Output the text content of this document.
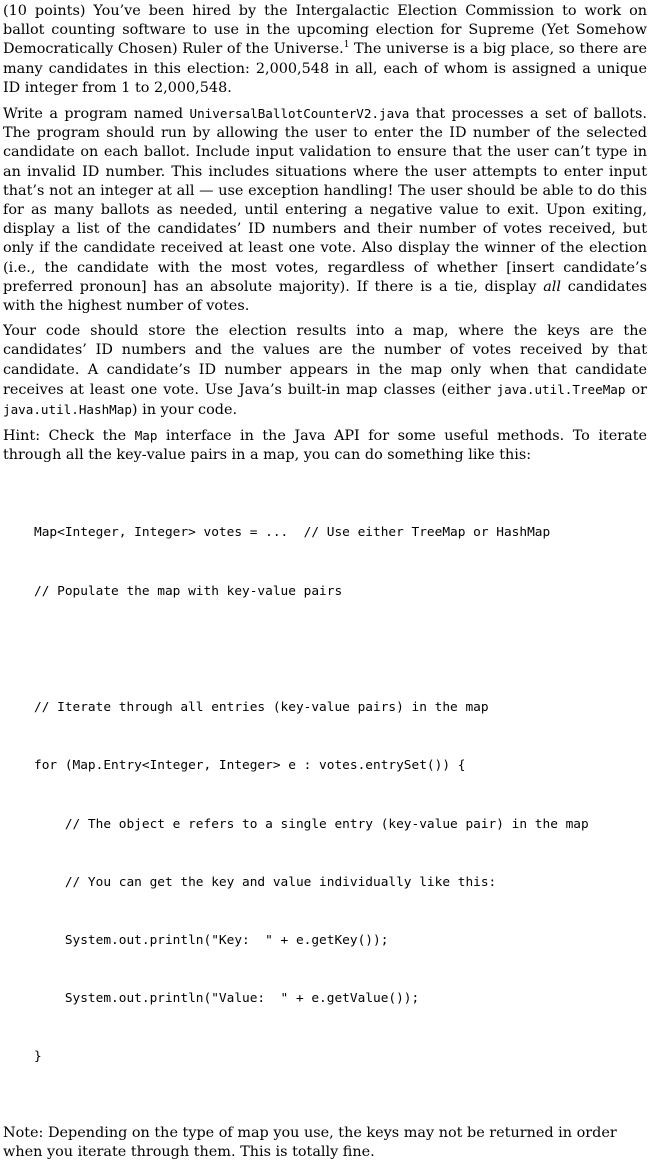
(10 points) You’ve been hired by the Intergalactic Election Commission to work on ballot counting software to use in the upcoming election for Supreme (Yet Somehow Democratically Chosen) Ruler of the Universe.$^1$ The universe is a big place, so there are many candidates in this election: 2,000,548 in all, each of whom is assigned a unique ID integer from 1 to 2,000,548.

Write a program named UniversalBallotCounterV2.java that processes a set of ballots. The program should run by allowing the user to enter the ID number of the selected candidate on each ballot. Include input validation to ensure that the user can’t type in an invalid ID number. This includes situations where the user attempts to enter input that’s not an integer at all — use exception handling! The user should be able to do this for as many ballots as needed, until entering a negative value to exit. Upon exiting, display a list of the candidates’ ID numbers and their number of votes received, but only if the candidate received at least one vote. Also display the winner of the election (i.e., the candidate with the most votes, regardless of whether [insert candidate’s preferred pronoun] has an absolute majority). If there is a tie, display all candidates with the highest number of votes.

Your code should store the election results into a map, where the keys are the candidates’ ID numbers and the values are the number of votes received by that candidate. A candidate’s ID number appears in the map only when that candidate receives at least one vote. Use Java’s built-in map classes (either java.util.TreeMap or java.util.HashMap) in your code.

Hint: Check the Map interface in the Java API for some useful methods. To iterate through all the key-value pairs in a map, you can do something like this:

Map<Integer, Integer> votes = ...  // Use either TreeMap or HashMap

// Populate the map with key-value pairs

// Iterate through all entries (key-value pairs) in the map

for (Map.Entry<Integer, Integer> e : votes.entrySet()) {

// The object e refers to a single entry (key-value pair) in the map

// You can get the key and value individually like this:

System.out.println("Key:  " + e.getKey());

System.out.println("Value:  " + e.getValue());

}

Note: Depending on the type of map you use, the keys may not be returned in order when you iterate through them. This is totally fine.
